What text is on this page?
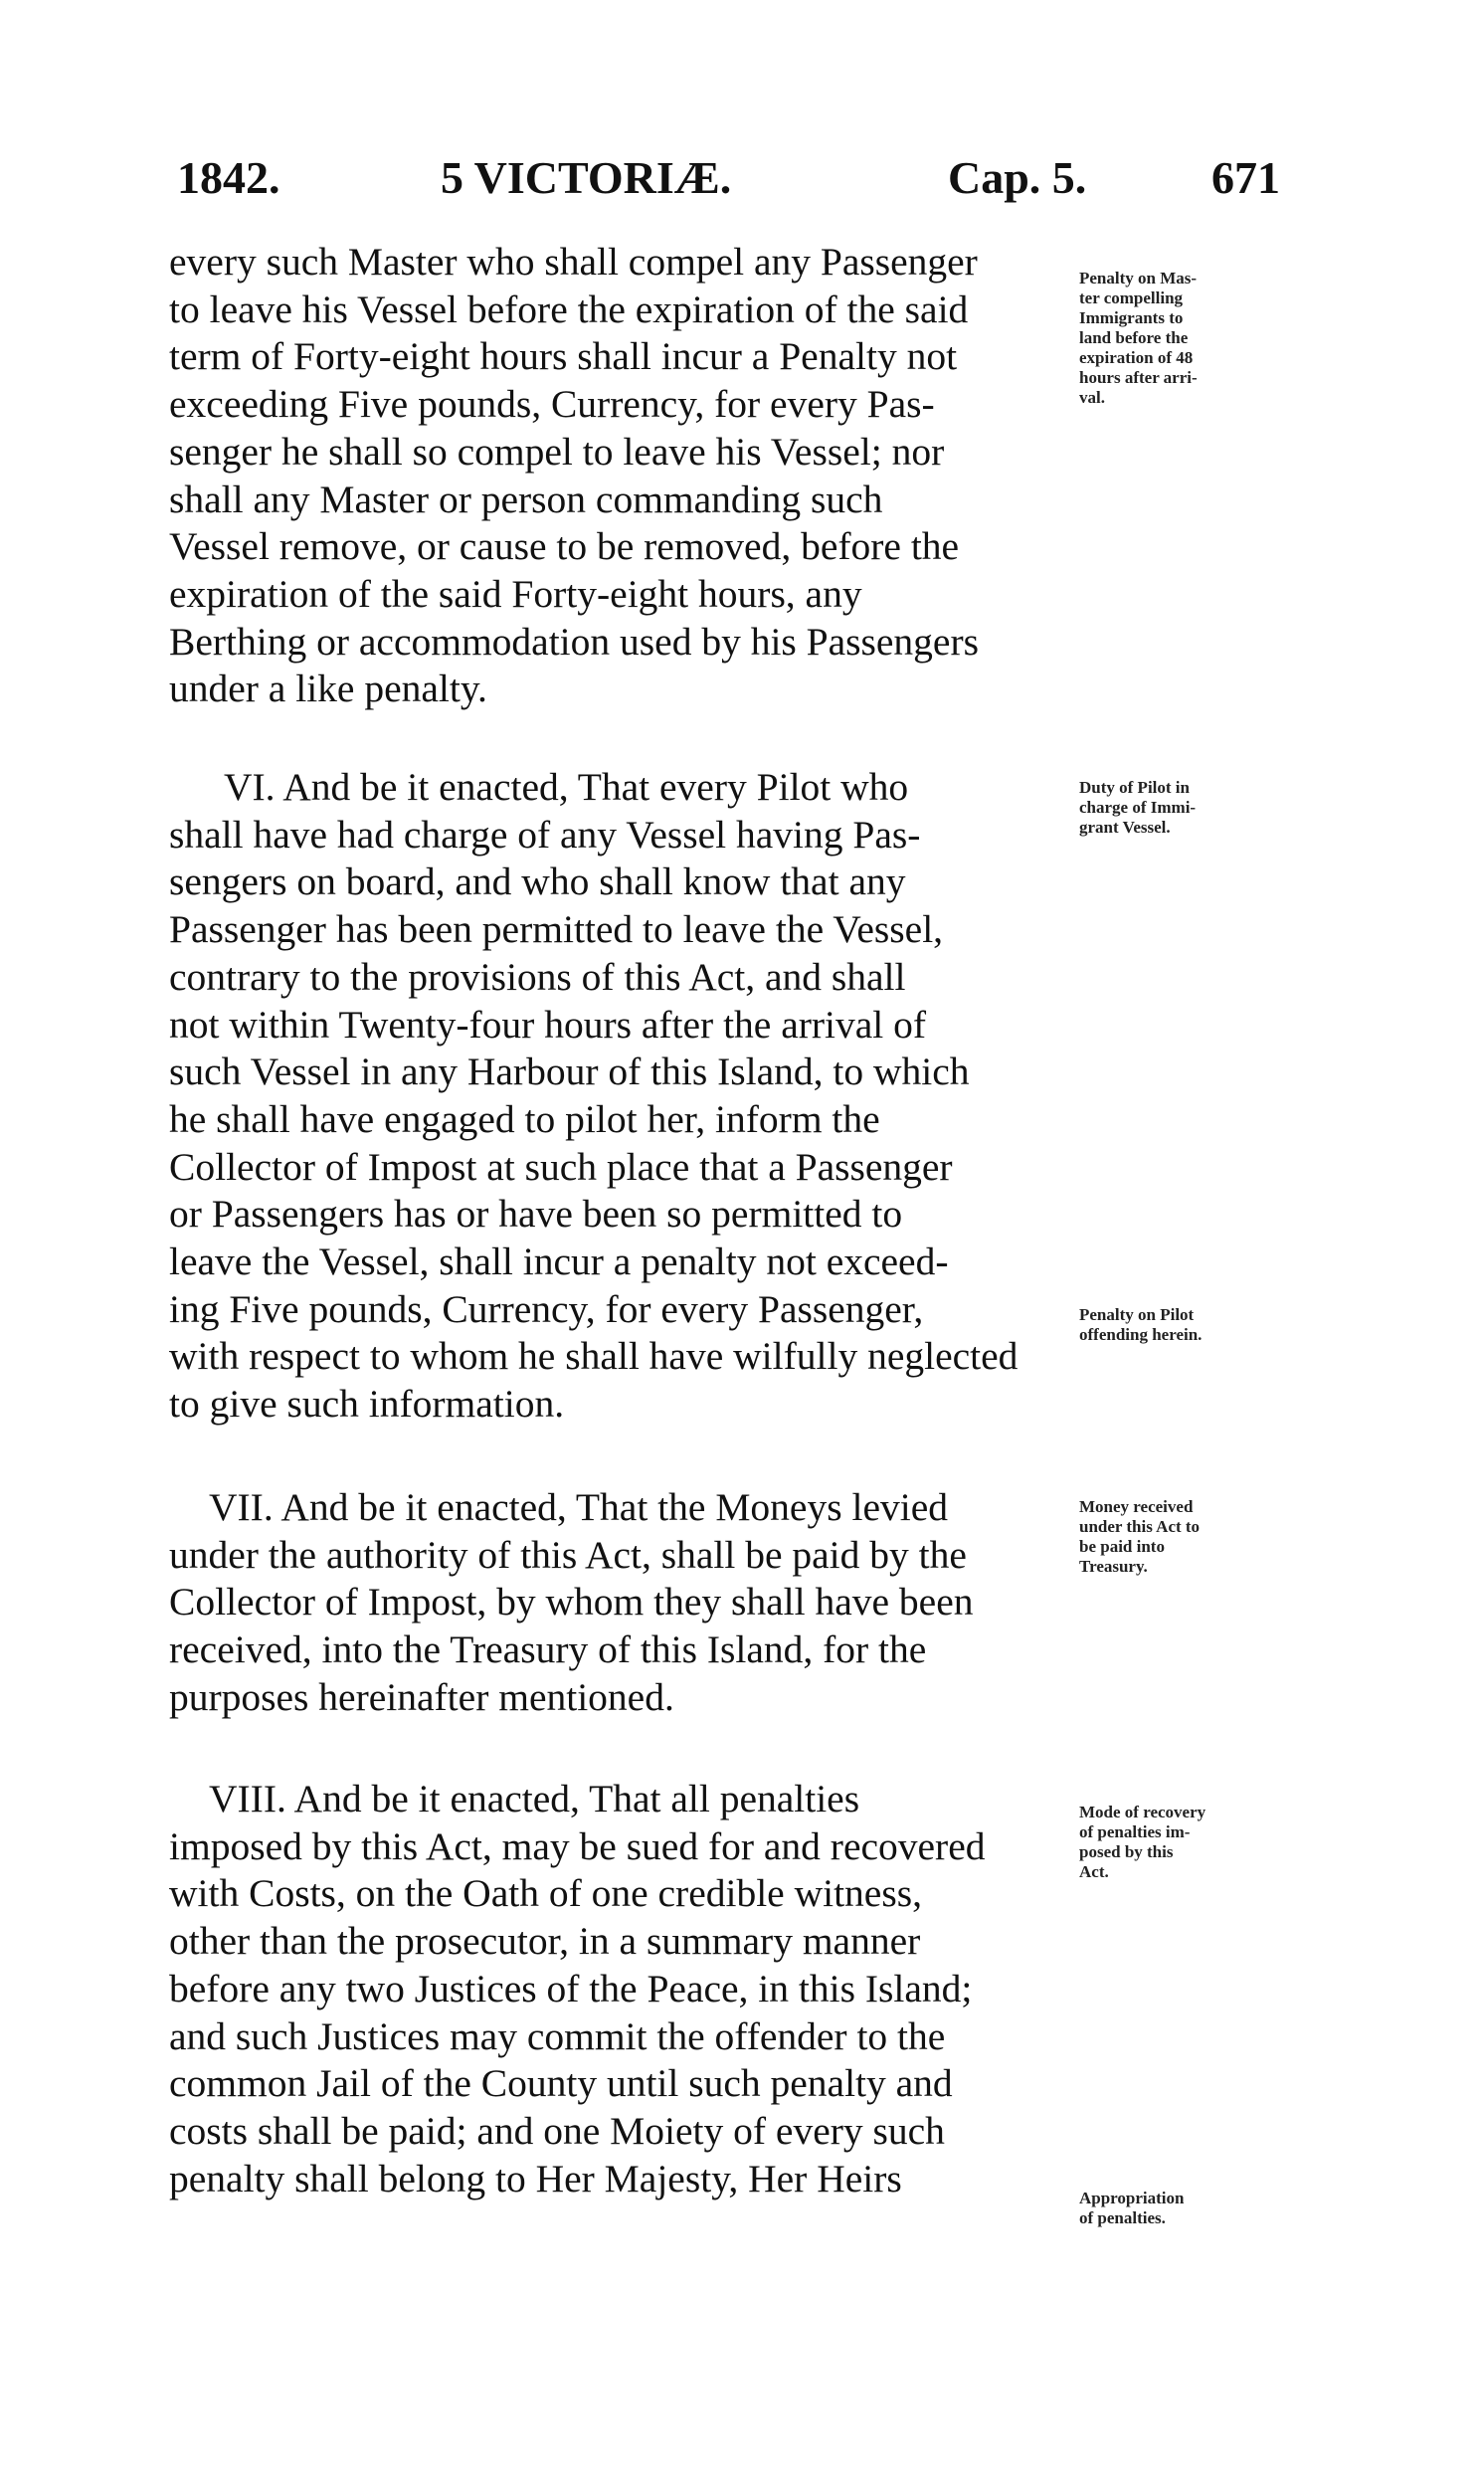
1842.	5 VICTORIÆ.	Cap. 5.	671
every such Master who shall compel any Passenger
to leave his Vessel before the expiration of the said
term of Forty-eight hours shall incur a Penalty not
exceeding Five pounds, Currency, for every Pas-
senger he shall so compel to leave his Vessel; nor
shall any Master or person commanding such
Vessel remove, or cause to be removed, before the
expiration of the said Forty-eight hours, any
Berthing or accommodation used by his Passengers
under a like penalty.
VI. And be it enacted, That every Pilot who
shall have had charge of any Vessel having Pas-
sengers on board, and who shall know that any
Passenger has been permitted to leave the Vessel,
contrary to the provisions of this Act, and shall
not within Twenty-four hours after the arrival of
such Vessel in any Harbour of this Island, to which
he shall have engaged to pilot her, inform the
Collector of Impost at such place that a Passenger
or Passengers has or have been so permitted to
leave the Vessel, shall incur a penalty not exceed-
ing Five pounds, Currency, for every Passenger,
with respect to whom he shall have wilfully neglected
to give such information.
VII. And be it enacted, That the Moneys levied
under the authority of this Act, shall be paid by the
Collector of Impost, by whom they shall have been
received, into the Treasury of this Island, for the
purposes hereinafter mentioned.
VIII. And be it enacted, That all penalties
imposed by this Act, may be sued for and recovered
with Costs, on the Oath of one credible witness,
other than the prosecutor, in a summary manner
before any two Justices of the Peace, in this Island;
and such Justices may commit the offender to the
common Jail of the County until such penalty and
costs shall be paid; and one Moiety of every such
penalty shall belong to Her Majesty, Her Heirs
Penalty on Mas-
ter compelling
Immigrants to
land before the
expiration of 48
hours after arri-
val.
Duty of Pilot in
charge of Immi-
grant Vessel.
Penalty on Pilot
offending herein.
Money received
under this Act to
be paid into
Treasury.
Mode of recovery
of penalties im-
posed by this
Act.
Appropriation
of penalties.
